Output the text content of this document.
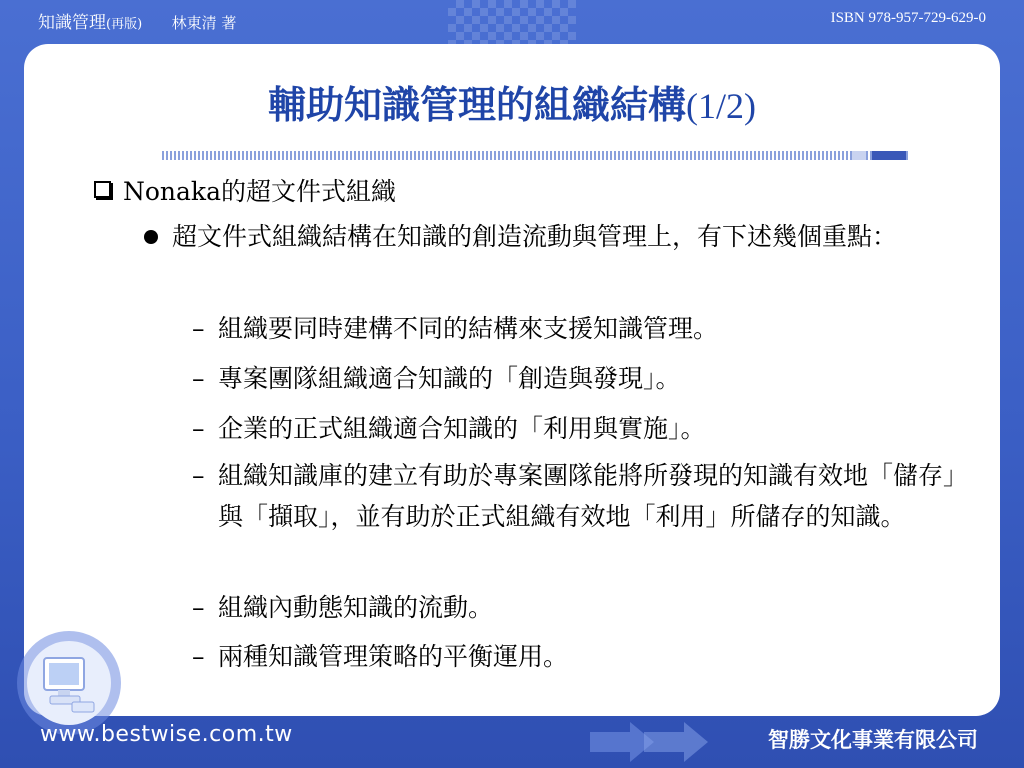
知識管理(再版) 林東清 著	ISBN 978-957-729-629-0
輔助知識管理的組織結構(1/2)
Nonaka的超文件式組織
超文件式組織結構在知識的創造流動與管理上，有下述幾個重點：
– 組織要同時建構不同的結構來支援知識管理。
– 專案團隊組織適合知識的「創造與發現」。
– 企業的正式組織適合知識的「利用與實施」。
– 組織知識庫的建立有助於專案團隊能將所發現的知識有效地「儲存」與「擷取」，並有助於正式組織有效地「利用」所儲存的知識。
– 組織內動態知識的流動。
– 兩種知識管理策略的平衡運用。
www.bestwise.com.tw	智勝文化事業有限公司
